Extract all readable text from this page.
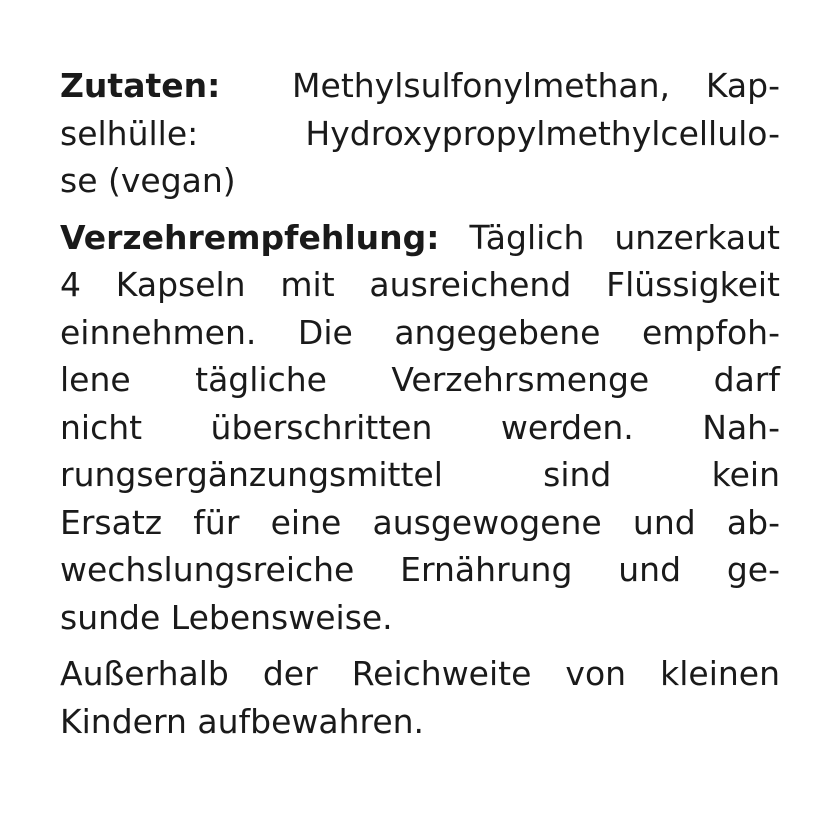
Zutaten: Methylsulfonylmethan, Kap-
selhülle: Hydroxypropylmethylcellulo-
se (vegan)
Verzehrempfehlung: Täglich unzerkaut
4 Kapseln mit ausreichend Flüssigkeit
einnehmen. Die angegebene empfoh-
lene tägliche Verzehrsmenge darf
nicht überschritten werden. Nah-
rungsergänzungsmittel sind kein
Ersatz für eine ausgewogene und ab-
wechslungsreiche Ernährung und ge-
sunde Lebensweise.
Außerhalb der Reichweite von kleinen
Kindern aufbewahren.
